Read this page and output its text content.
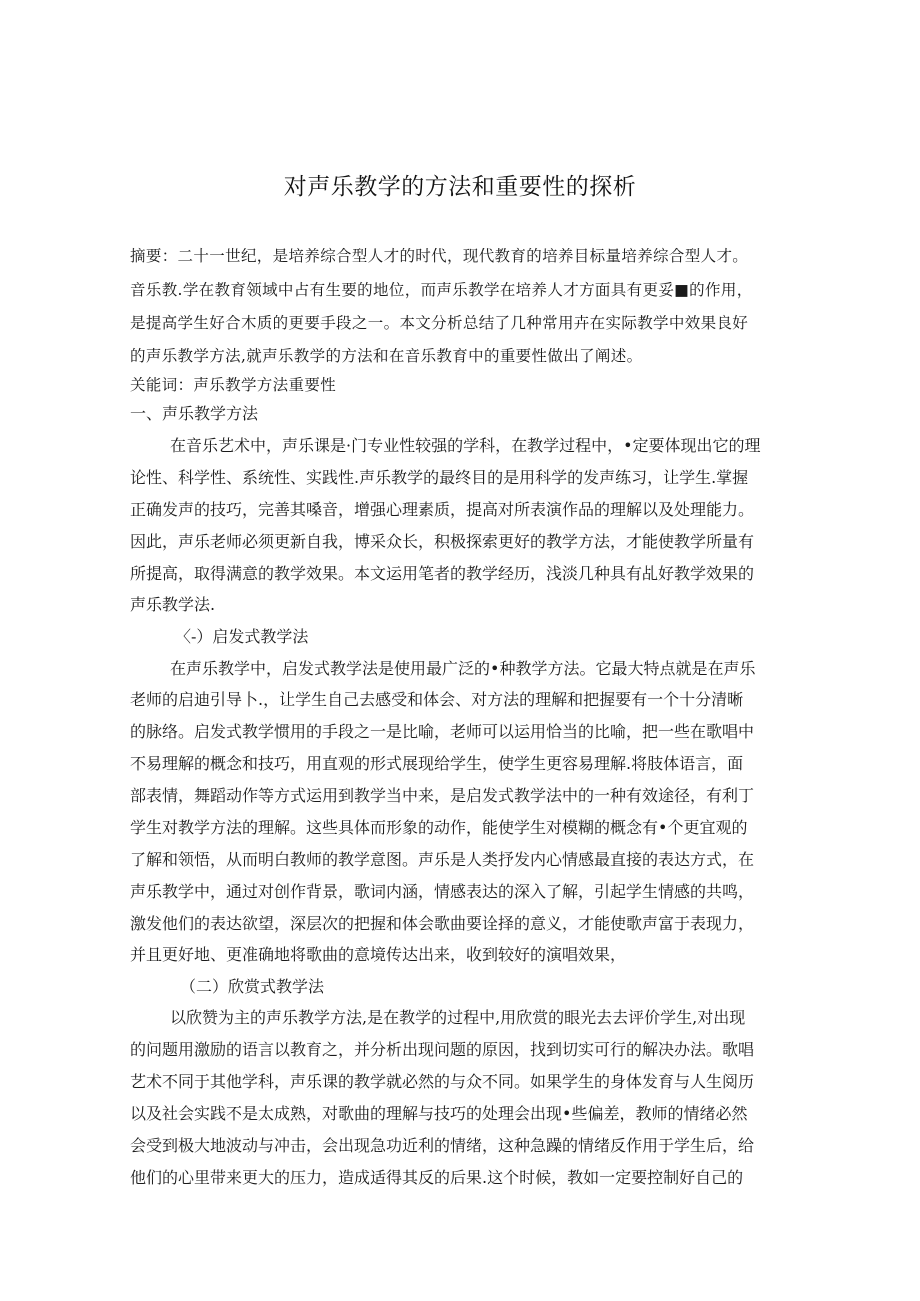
对声乐教学的方法和重要性的探析
摘要：二十一世纪，是培养综合型人才的时代，现代教育的培养目标量培养综合型人才。
音乐教.学在教育领域中占有生要的地位，而声乐教学在培养人才方面具有更妥■的作用，
是提高学生好合木质的更要手段之一。本文分析总结了几种常用卉在实际教学中效果良好
的声乐教学方法,就声乐教学的方法和在音乐教育中的重要性做出了阐述。
关能词：声乐教学方法重要性
一、声乐教学方法
在音乐艺术中，声乐课是·门专业性较强的学科，在教学过程中，•定要体现出它的理
论性、科学性、系统性、实践性.声乐教学的最终目的是用科学的发声练习，让学生.掌握
正确发声的技巧，完善其嗓音，增强心理素质，提高对所表演作品的理解以及处理能力。
因此，声乐老师必须更新自我，博采众长，积极探索更好的教学方法，才能使教学所量有
所提高，取得满意的教学效果。本文运用笔者的教学经历，浅淡几种具有乩好教学效果的
声乐教学法.
〈-）启发式教学法
在声乐教学中，启发式教学法是使用最广泛的•种教学方法。它最大特点就是在声乐
老师的启迪引导卜.，让学生自己去感受和体会、对方法的理解和把握要有一个十分清晰
的脉络。启发式教学惯用的手段之一是比喻，老师可以运用恰当的比喻，把一些在歌唱中
不易理解的概念和技巧，用直观的形式展现给学生，使学生更容易理解.将肢体语言，面
部表情，舞蹈动作等方式运用到教学当中来，是启发式教学法中的一种有效途径，有利丁
学生对教学方法的理解。这些具体而形象的动作，能使学生对模糊的概念有•个更宜观的
了解和领悟，从而明白教师的教学意图。声乐是人类抒发内心情感最直接的表达方式，在
声乐教学中，通过对创作背景，歌词内涵，情感表达的深入了解，引起学生情感的共鸣，
激发他们的表达欲望，深层次的把握和体会歌曲要诠择的意义，才能使歌声富于表现力，
并且更好地、更准确地将歌曲的意境传达出来，收到较好的演唱效果，
（二）欣赏式教学法
以欣赞为主的声乐教学方法,是在教学的过程中,用欣赏的眼光去去评价学生,对出现
的问题用激励的语言以教育之，并分析出现问题的原因，找到切实可行的解决办法。歌唱
艺术不同于其他学科，声乐课的教学就必然的与众不同。如果学生的身体发育与人生阅历
以及社会实践不是太成熟，对歌曲的理解与技巧的处理会出现•些偏差，教师的情绪必然
会受到极大地波动与冲击，会出现急功近利的情绪，这种急躁的情绪反作用于学生后，给
他们的心里带来更大的压力，造成适得其反的后果.这个时候，教如一定要控制好自己的
